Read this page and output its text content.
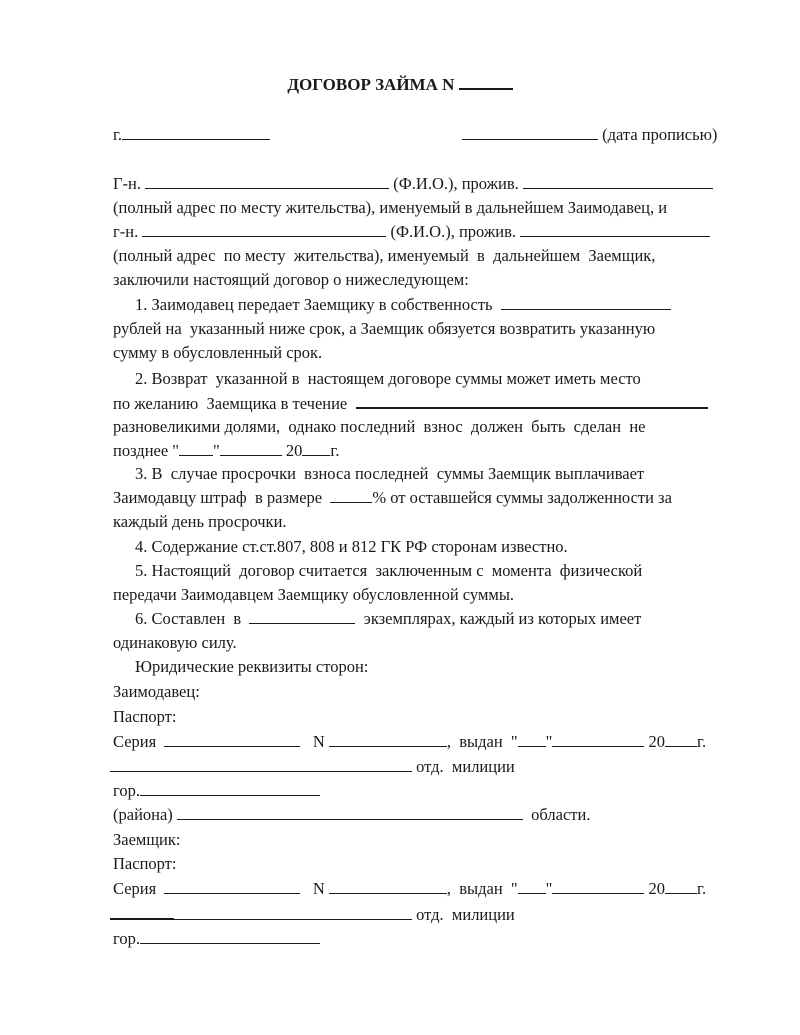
ДОГОВОР ЗАЙМА N
г.	(дата прописью)
Г-н.	(Ф.И.О.), прожив.
(полный адрес по месту жительства), именуемый в дальнейшем Заимодавец, и
г-н.	(Ф.И.О.), прожив.
(полный адрес  по месту  жительства), именуемый  в  дальнейшем  Заемщик,
заключили настоящий договор о нижеследующем:
1. Заимодавец передает Заемщику в собственность
рублей на  указанный ниже срок, а Заемщик обязуется возвратить указанную
сумму в обусловленный срок.
2. Возврат  указанной в  настоящем договоре суммы может иметь место
по желанию  Заемщика в течение
разновеликими долями,  однако последний  взнос  должен  быть  сделан  не
позднее " "	20 г.
3. В  случае просрочки  взноса последней  суммы Заемщик выплачивает
Заимодавцу штраф  в размере	% от оставшейся суммы задолженности за
каждый день просрочки.
4. Содержание ст.ст.807, 808 и 812 ГК РФ сторонам известно.
5. Настоящий  договор считается  заключенным с  момента  физической
передачи Заимодавцем Заемщику обусловленной суммы.
6. Составлен  в	экземплярах, каждый из которых имеет
одинаковую силу.
Юридические реквизиты сторон:
Заимодавец:
Паспорт:
Серия	N	,  выдан  " "	20 г.
отд.  милиции
гор.
(района)	области.
Заемщик:
Паспорт:
Серия	N	,  выдан  " "	20 г.
отд.  милиции
гор.
